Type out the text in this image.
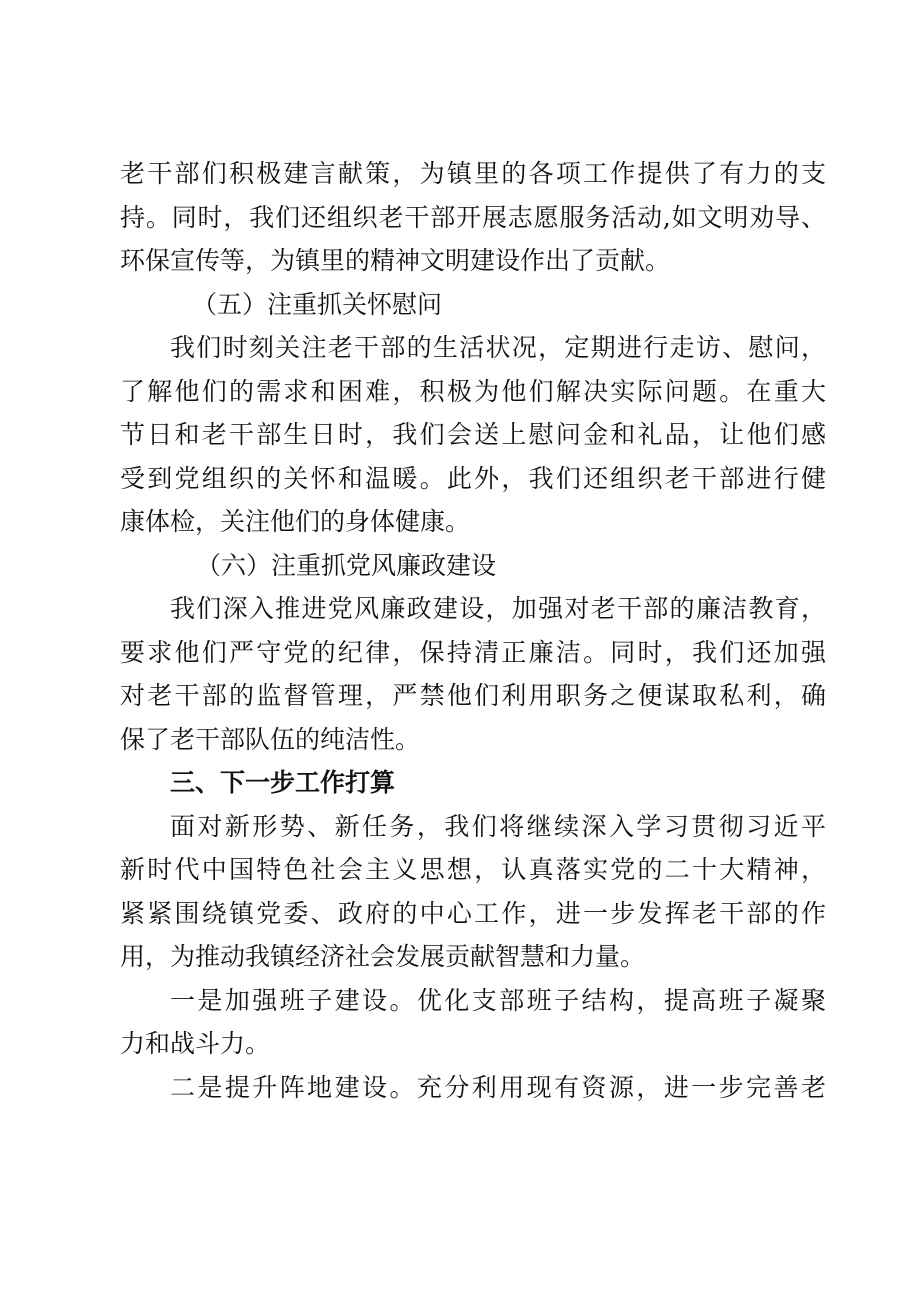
老干部们积极建言献策，为镇里的各项工作提供了有力的支
持。同时，我们还组织老干部开展志愿服务活动,如文明劝导、
环保宣传等，为镇里的精神文明建设作出了贡献。
（五）注重抓关怀慰问
我们时刻关注老干部的生活状况，定期进行走访、慰问，
了解他们的需求和困难，积极为他们解决实际问题。在重大
节日和老干部生日时，我们会送上慰问金和礼品，让他们感
受到党组织的关怀和温暖。此外，我们还组织老干部进行健
康体检，关注他们的身体健康。
（六）注重抓党风廉政建设
我们深入推进党风廉政建设，加强对老干部的廉洁教育，
要求他们严守党的纪律，保持清正廉洁。同时，我们还加强
对老干部的监督管理，严禁他们利用职务之便谋取私利，确
保了老干部队伍的纯洁性。
三、下一步工作打算
面对新形势、新任务，我们将继续深入学习贯彻习近平
新时代中国特色社会主义思想，认真落实党的二十大精神，
紧紧围绕镇党委、政府的中心工作，进一步发挥老干部的作
用，为推动我镇经济社会发展贡献智慧和力量。
一是加强班子建设。优化支部班子结构，提高班子凝聚
力和战斗力。
二是提升阵地建设。充分利用现有资源，进一步完善老
